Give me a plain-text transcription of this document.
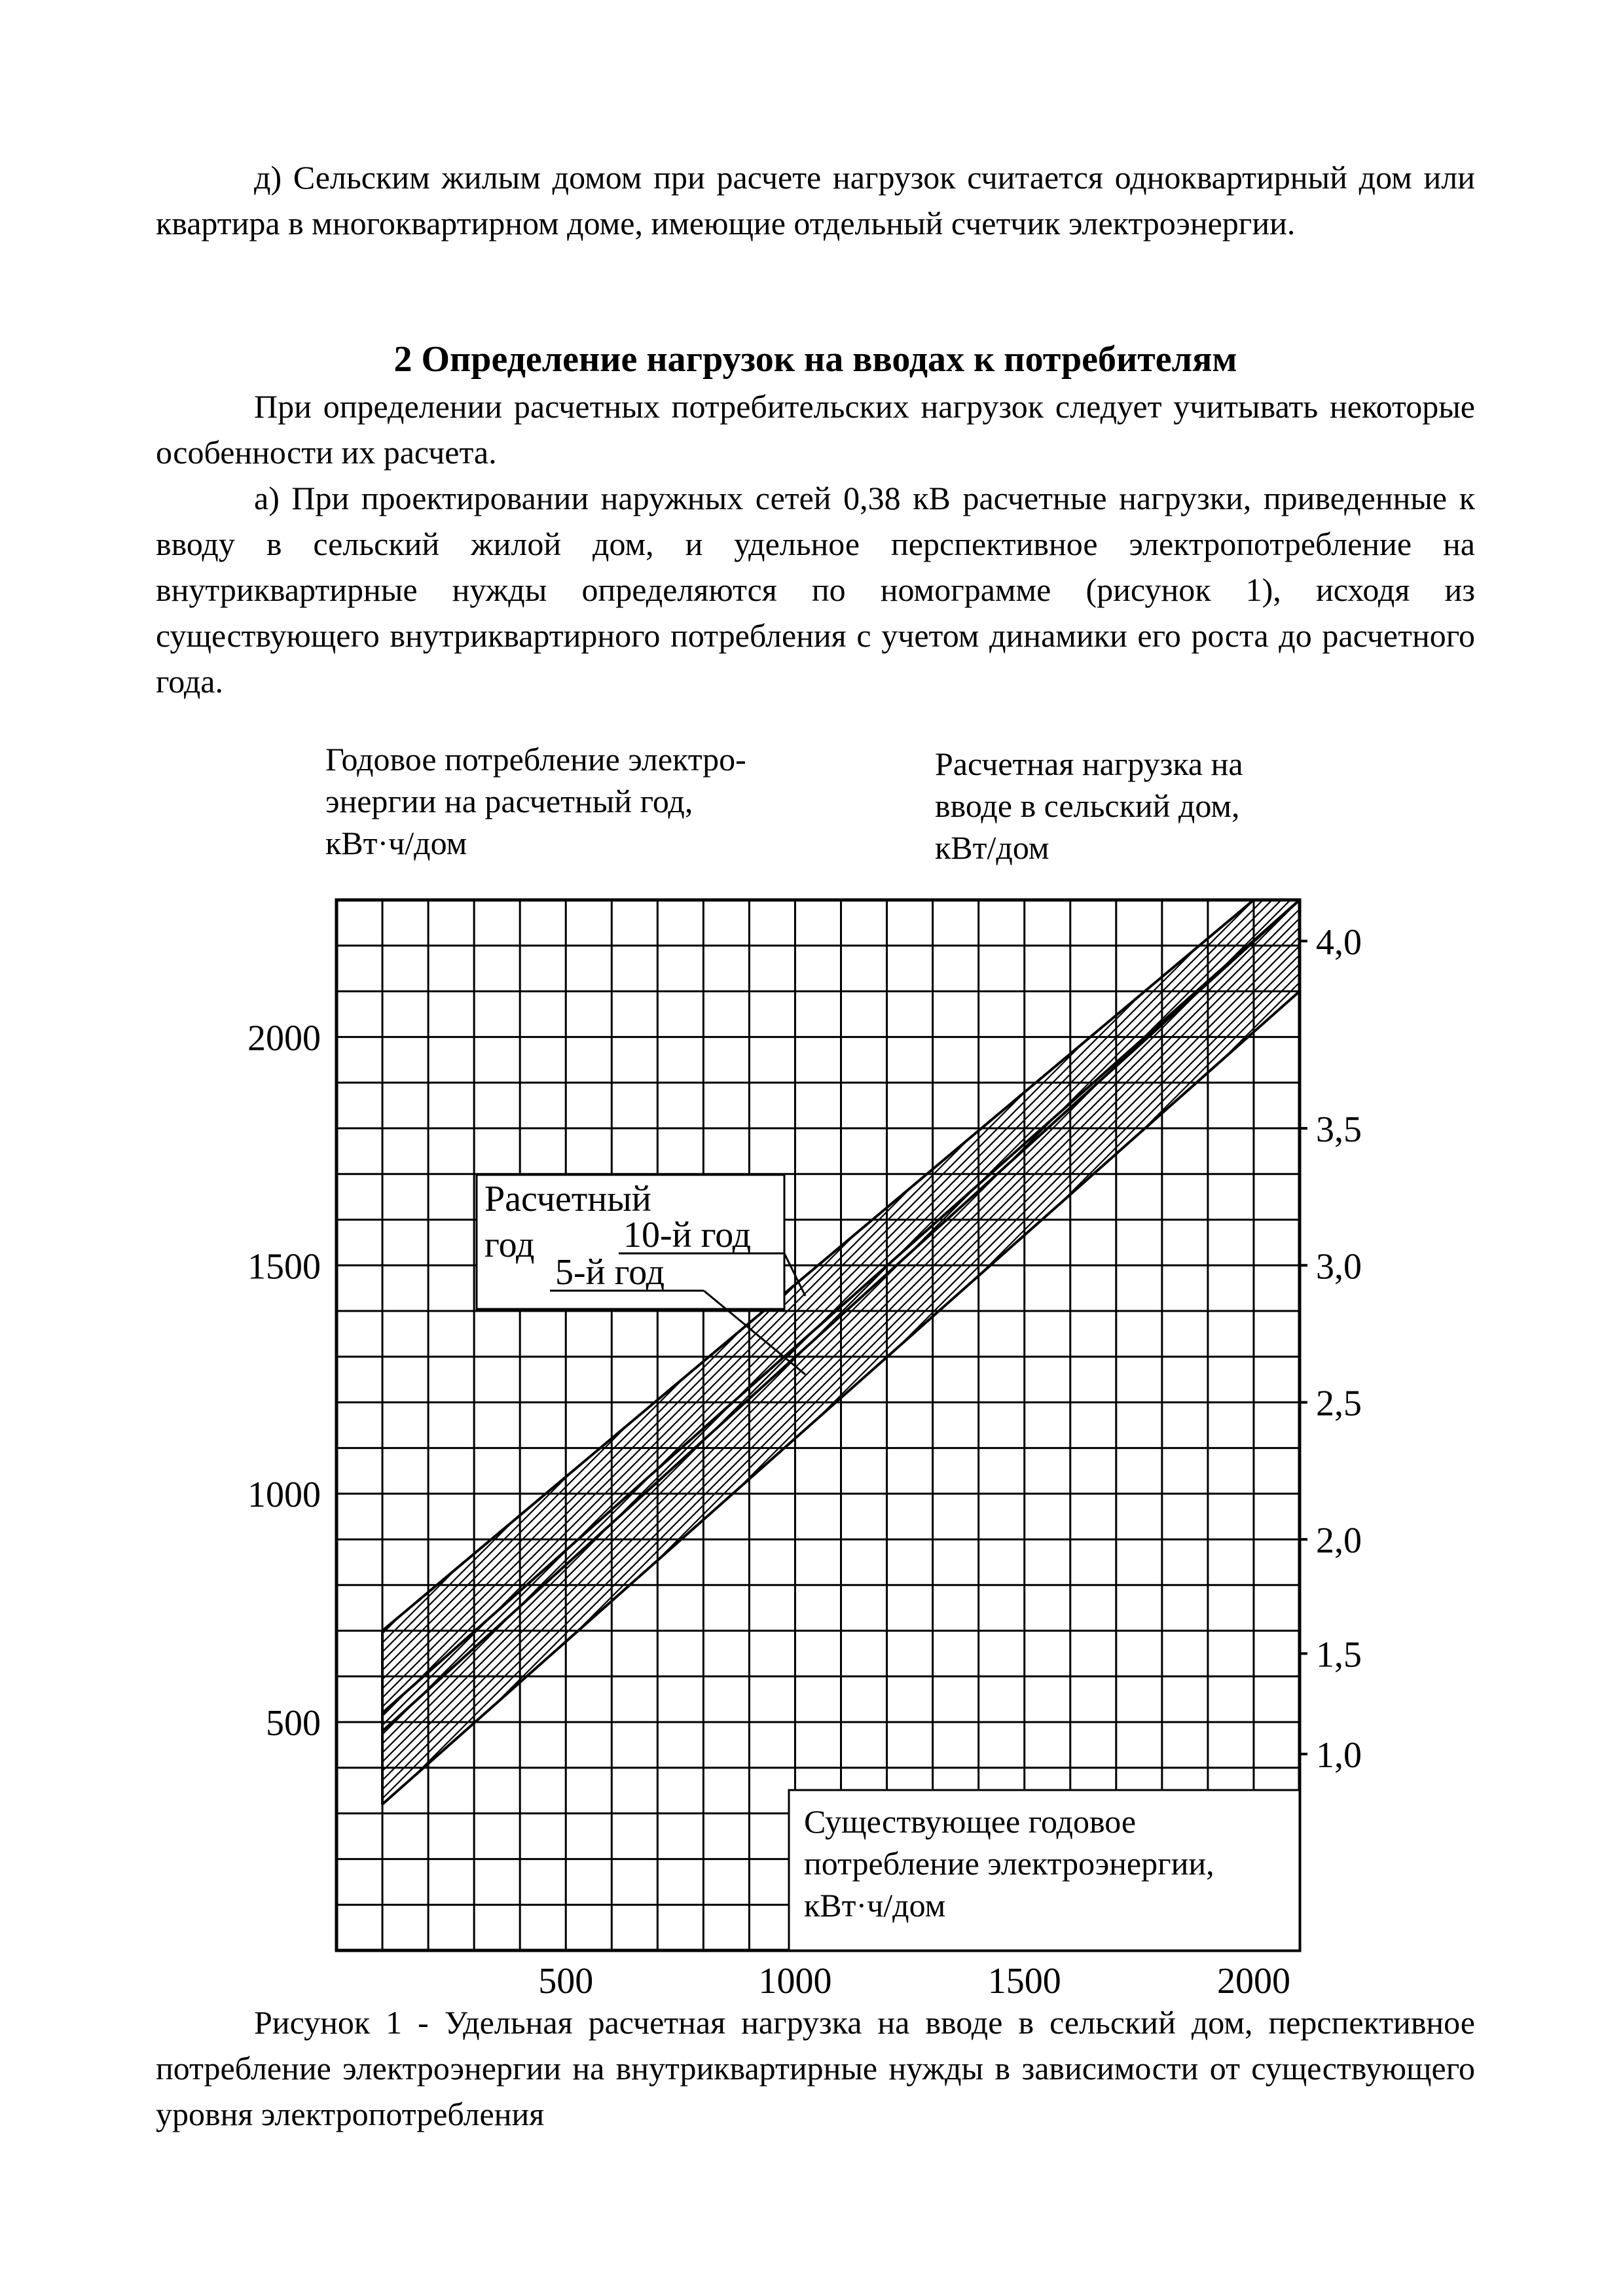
д) Сельским жилым домом при расчете нагрузок считается одноквартирный дом или квартира в многоквартирном доме, имеющие отдельный счетчик электроэнергии.

2 Определение нагрузок на вводах к потребителям

При определении расчетных потребительских нагрузок следует учитывать некоторые особенности их расчета.

а) При проектировании наружных сетей 0,38 кВ расчетные нагрузки, приведенные к вводу в сельский жилой дом, и удельное перспективное электропотребление на внутриквартирные нужды определяются по номограмме (рисунок 1), исходя из существующего внутриквартирного потребления с учетом динамики его роста до расчетного года.

Годовое потребление электро-
энергии на расчетный год,
кВт·ч/дом
Расчетная нагрузка на
вводе в сельский дом,
кВт/дом
Расчетный
год 10-й год
5-й год
Существующее годовое
потребление электроэнергии,
кВт·ч/дом
500	1000	1500	2000
500
1000
1500
2000
4,0
3,5
3,0
2,5
2,0
1,5
1,0

Рисунок 1 - Удельная расчетная нагрузка на вводе в сельский дом, перспективное потребление электроэнергии на внутриквартирные нужды в зависимости от существующего уровня электропотребления
